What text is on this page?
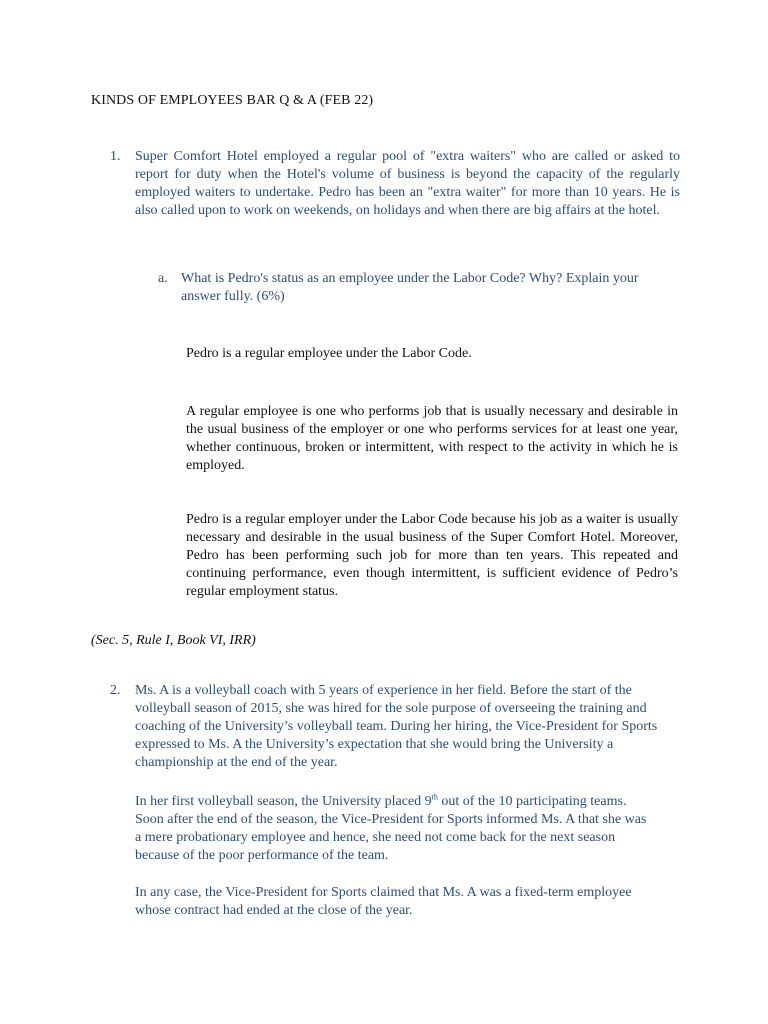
KINDS OF EMPLOYEES BAR Q & A (FEB 22)
1. Super Comfort Hotel employed a regular pool of "extra waiters" who are called or asked to report for duty when the Hotel's volume of business is beyond the capacity of the regularly employed waiters to undertake. Pedro has been an "extra waiter" for more than 10 years. He is also called upon to work on weekends, on holidays and when there are big affairs at the hotel.
a. What is Pedro's status as an employee under the Labor Code? Why? Explain your answer fully. (6%)
Pedro is a regular employee under the Labor Code.
A regular employee is one who performs job that is usually necessary and desirable in the usual business of the employer or one who performs services for at least one year, whether continuous, broken or intermittent, with respect to the activity in which he is employed.
Pedro is a regular employer under the Labor Code because his job as a waiter is usually necessary and desirable in the usual business of the Super Comfort Hotel. Moreover, Pedro has been performing such job for more than ten years. This repeated and continuing performance, even though intermittent, is sufficient evidence of Pedro’s regular employment status.
(Sec. 5, Rule I, Book VI, IRR)
2. Ms. A is a volleyball coach with 5 years of experience in her field. Before the start of the volleyball season of 2015, she was hired for the sole purpose of overseeing the training and coaching of the University’s volleyball team. During her hiring, the Vice-President for Sports expressed to Ms. A the University’s expectation that she would bring the University a championship at the end of the year.
In her first volleyball season, the University placed 9th out of the 10 participating teams. Soon after the end of the season, the Vice-President for Sports informed Ms. A that she was a mere probationary employee and hence, she need not come back for the next season because of the poor performance of the team.
In any case, the Vice-President for Sports claimed that Ms. A was a fixed-term employee whose contract had ended at the close of the year.
